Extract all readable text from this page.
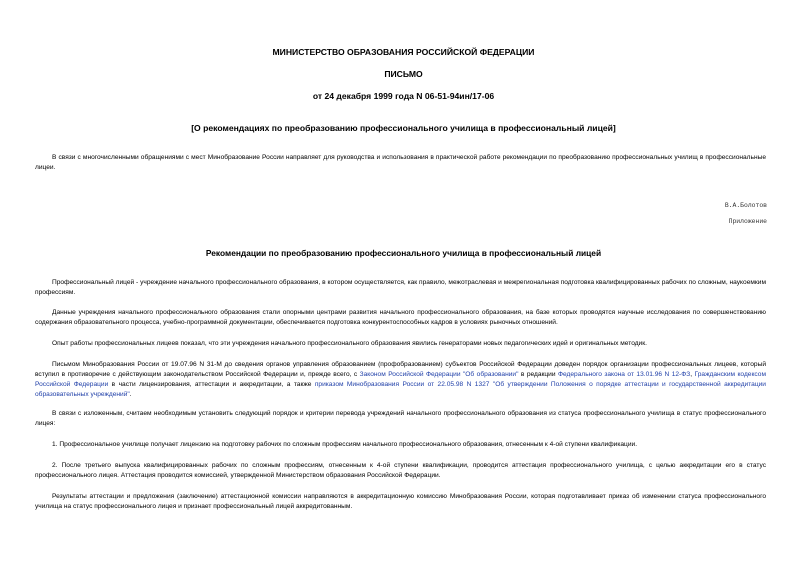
МИНИСТЕРСТВО ОБРАЗОВАНИЯ РОССИЙСКОЙ ФЕДЕРАЦИИ
ПИСЬМО
от 24 декабря 1999 года N 06-51-94ин/17-06
[О рекомендациях по преобразованию профессионального училища в профессиональный лицей]
В связи с многочисленными обращениями с мест Минобразование России направляет для руководства и использования в практической работе рекомендации по преобразованию профессиональных училищ в профессиональные лицеи.
В.А.Болотов
Приложение
Рекомендации по преобразованию профессионального училища в профессиональный лицей
Профессиональный лицей - учреждение начального профессионального образования, в котором осуществляется, как правило, межотраслевая и межрегиональная подготовка квалифицированных рабочих по сложным, наукоемким профессиям.
Данные учреждения начального профессионального образования стали опорными центрами развития начального профессионального образования, на базе которых проводятся научные исследования по совершенствованию содержания образовательного процесса, учебно-программной документации, обеспечивается подготовка конкурентоспособных кадров в условиях рыночных отношений.
Опыт работы профессиональных лицеев показал, что эти учреждения начального профессионального образования явились генераторами новых педагогических идей и оригинальных методик.
Письмом Минобразования России от 19.07.96 N 31-М до сведения органов управления образованием (профобразованием) субъектов Российской Федерации доведен порядок организации профессиональных лицеев, который вступил в противоречие с действующим законодательством Российской Федерации и, прежде всего, с Законом Российской Федерации "Об образовании" в редакции Федерального закона от 13.01.96 N 12-ФЗ, Гражданским кодексом Российской Федерации в части лицензирования, аттестации и аккредитации, а также приказом Минобразования России от 22.05.98 N 1327 "Об утверждении Положения о порядке аттестации и государственной аккредитации образовательных учреждений".
В связи с изложенным, считаем необходимым установить следующий порядок и критерии перевода учреждений начального профессионального образования из статуса профессионального училища в статус профессионального лицея:
1. Профессиональное училище получает лицензию на подготовку рабочих по сложным профессиям начального профессионального образования, отнесенным к 4-ой ступени квалификации.
2. После третьего выпуска квалифицированных рабочих по сложным профессиям, отнесенным к 4-ой ступени квалификации, проводится аттестация профессионального училища, с целью аккредитации его в статус профессионального лицея. Аттестация проводится комиссией, утвержденной Министерством образования Российской Федерации.
Результаты аттестации и предложения (заключение) аттестационной комиссии направляются в аккредитационную комиссию Минобразования России, которая подготавливает приказ об изменении статуса профессионального училища на статус профессионального лицея и признает профессиональный лицей аккредитованным.
